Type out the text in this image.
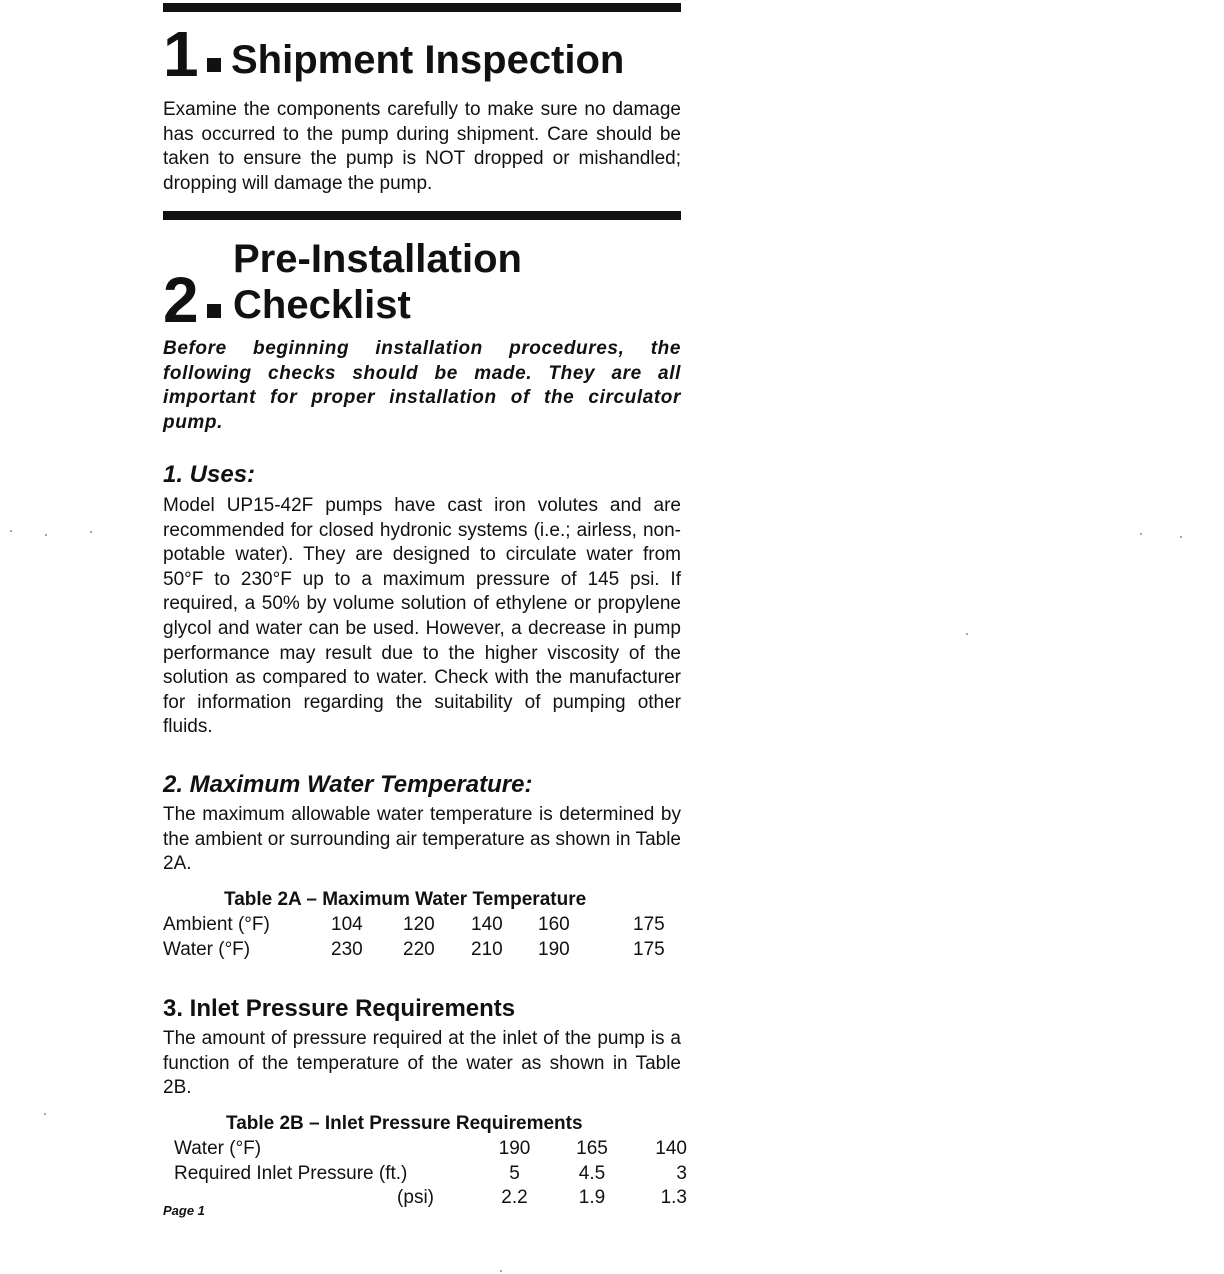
1 Shipment Inspection
Examine the components carefully to make sure no damage has occurred to the pump during shipment. Care should be taken to ensure the pump is NOT dropped or mishandled; dropping will damage the pump.
Pre-Installation
Checklist
2
Before beginning installation procedures, the following checks should be made. They are all important for proper installation of the circulator pump.
1. Uses:
Model UP15-42F pumps have cast iron volutes and are recommended for closed hydronic systems (i.e.; airless, non-potable water). They are designed to circulate water from 50°F to 230°F up to a maximum pressure of 145 psi. If required, a 50% by volume solution of ethylene or propylene glycol and water can be used. However, a decrease in pump performance may result due to the higher viscosity of the solution as compared to water. Check with the manufacturer for information regarding the suitability of pumping other fluids.
2. Maximum Water Temperature:
The maximum allowable water temperature is determined by the ambient or surrounding air temperature as shown in Table 2A.
Table 2A – Maximum Water Temperature
Ambient (°F)	104	120	140	160	175
Water (°F)	230	220	210	190	175
3. Inlet Pressure Requirements
The amount of pressure required at the inlet of the pump is a function of the temperature of the water as shown in Table 2B.
Table 2B – Inlet Pressure Requirements
Water (°F)	190	165	140
Required Inlet Pressure (ft.)	5	4.5	3
(psi)	2.2	1.9	1.3
Page 1
